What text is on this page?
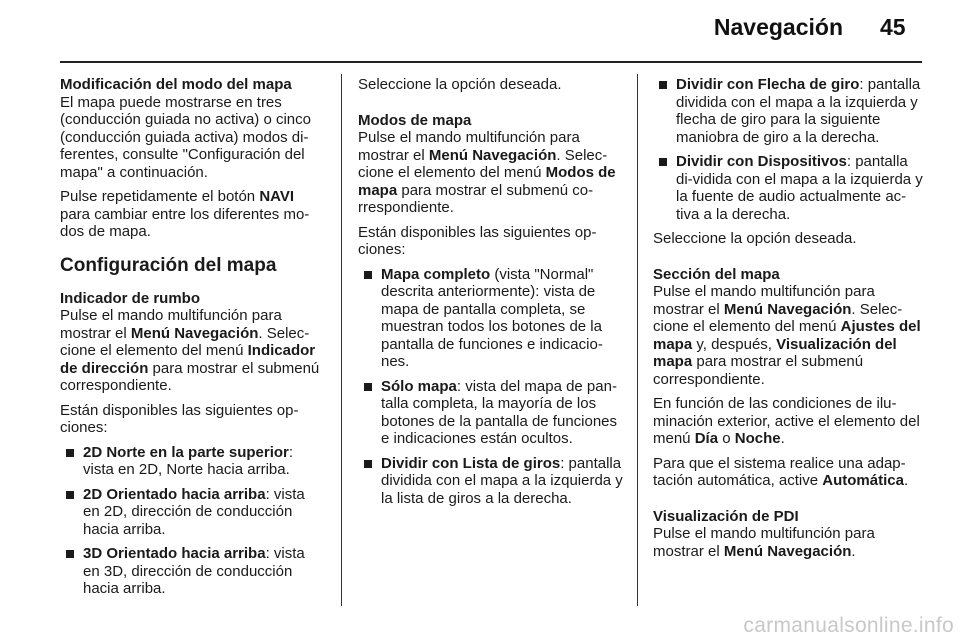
Navegación 45

Modificación del modo del mapa

El mapa puede mostrarse en tres (conducción guiada no activa) o cinco (conducción guiada activa) modos di-ferentes, consulte "Configuración del mapa" a continuación.

Pulse repetidamente el botón NAVI para cambiar entre los diferentes mo-dos de mapa.

Configuración del mapa

Indicador de rumbo

Pulse el mando multifunción para mostrar el Menú Navegación. Selec-cione el elemento del menú Indicador de dirección para mostrar el submenú correspondiente.

Están disponibles las siguientes op-ciones:

2D Norte en la parte superior: vista en 2D, Norte hacia arriba.
2D Orientado hacia arriba: vista en 2D, dirección de conducción hacia arriba.
3D Orientado hacia arriba: vista en 3D, dirección de conducción hacia arriba.

Seleccione la opción deseada.

Modos de mapa

Pulse el mando multifunción para mostrar el Menú Navegación. Selec-cione el elemento del menú Modos de mapa para mostrar el submenú co-rrespondiente.

Están disponibles las siguientes op-ciones:

Mapa completo (vista "Normal" descrita anteriormente): vista de mapa de pantalla completa, se muestran todos los botones de la pantalla de funciones e indicacio-nes.
Sólo mapa: vista del mapa de pan-talla completa, la mayoría de los botones de la pantalla de funciones e indicaciones están ocultos.
Dividir con Lista de giros: pantalla dividida con el mapa a la izquierda y la lista de giros a la derecha.
Dividir con Flecha de giro: pantalla dividida con el mapa a la izquierda y flecha de giro para la siguiente maniobra de giro a la derecha.
Dividir con Dispositivos: pantalla di-vidida con el mapa a la izquierda y la fuente de audio actualmente ac-tiva a la derecha.

Seleccione la opción deseada.

Sección del mapa

Pulse el mando multifunción para mostrar el Menú Navegación. Selec-cione el elemento del menú Ajustes del mapa y, después, Visualización del mapa para mostrar el submenú correspondiente.

En función de las condiciones de ilu-minación exterior, active el elemento del menú Día o Noche.

Para que el sistema realice una adap-tación automática, active Automática.

Visualización de PDI

Pulse el mando multifunción para mostrar el Menú Navegación.

carmanualsonline.info
